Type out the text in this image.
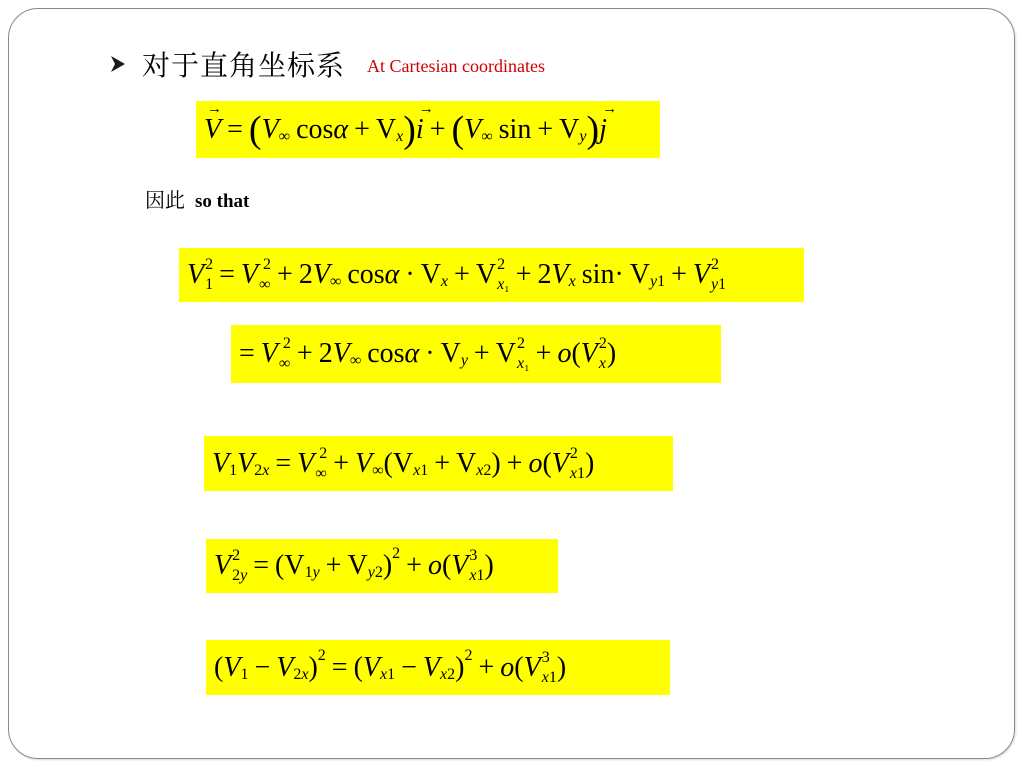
对于直角坐标系 At Cartesian coordinates
因此 so that
→ V = ( V ∞ cos α + V x ) → i + ( V ∞ sin + V y ) → j
V 2
1 = V 2
∞ + 2 V ∞ cos α · V x + V 2
x₁ + 2 V x sin· V y1 + V 2
y1
= V 2
∞ + 2 V ∞ cos α · V y + V 2
x₁ + o ( V 2
x )
V 1 V 2x = V 2
∞ + V ∞ (V x1 + V x2 ) + o ( V 2
x1 )
V 2
2y = (V 1y + V y2 ) 2 + o ( V 3
x1 )
( V 1 − V 2x ) 2 = ( V x1 − V x2 ) 2 + o ( V 3
x1 )
